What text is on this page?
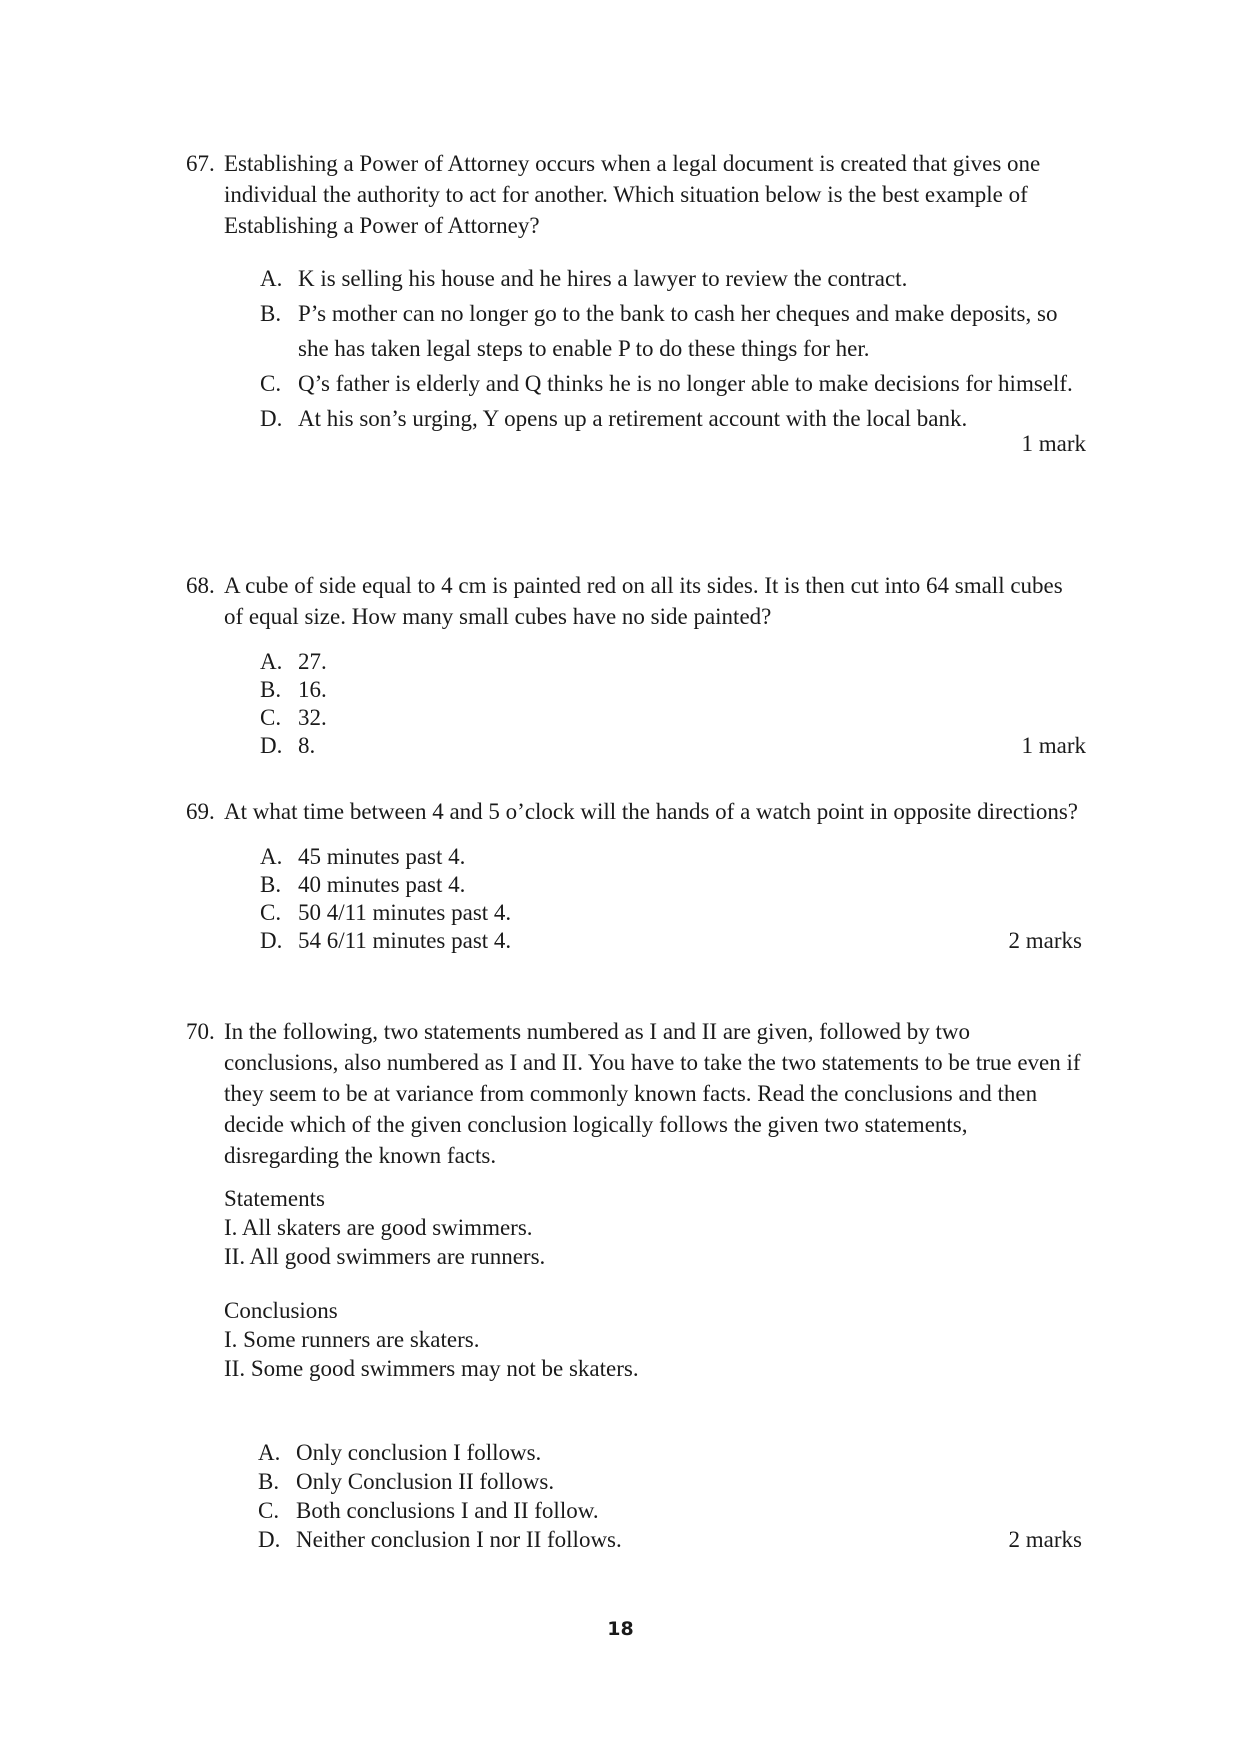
67. Establishing a Power of Attorney occurs when a legal document is created that gives one individual the authority to act for another. Which situation below is the best example of Establishing a Power of Attorney?
A. K is selling his house and he hires a lawyer to review the contract.
B. P’s mother can no longer go to the bank to cash her cheques and make deposits, so she has taken legal steps to enable P to do these things for her.
C. Q’s father is elderly and Q thinks he is no longer able to make decisions for himself.
D. At his son’s urging, Y opens up a retirement account with the local bank.
1 mark
68. A cube of side equal to 4 cm is painted red on all its sides. It is then cut into 64 small cubes of equal size. How many small cubes have no side painted?
A. 27.
B. 16.
C. 32.
D. 8.	1 mark
69. At what time between 4 and 5 o’clock will the hands of a watch point in opposite directions?
A. 45 minutes past 4.
B. 40 minutes past 4.
C. 50 4/11 minutes past 4.
D. 54 6/11 minutes past 4.	2 marks
70. In the following, two statements numbered as I and II are given, followed by two conclusions, also numbered as I and II. You have to take the two statements to be true even if they seem to be at variance from commonly known facts. Read the conclusions and then decide which of the given conclusion logically follows the given two statements, disregarding the known facts.
Statements
I. All skaters are good swimmers.
II. All good swimmers are runners.
Conclusions
I. Some runners are skaters.
II. Some good swimmers may not be skaters.
A. Only conclusion I follows.
B. Only Conclusion II follows.
C. Both conclusions I and II follow.
D. Neither conclusion I nor II follows.	2 marks
18
